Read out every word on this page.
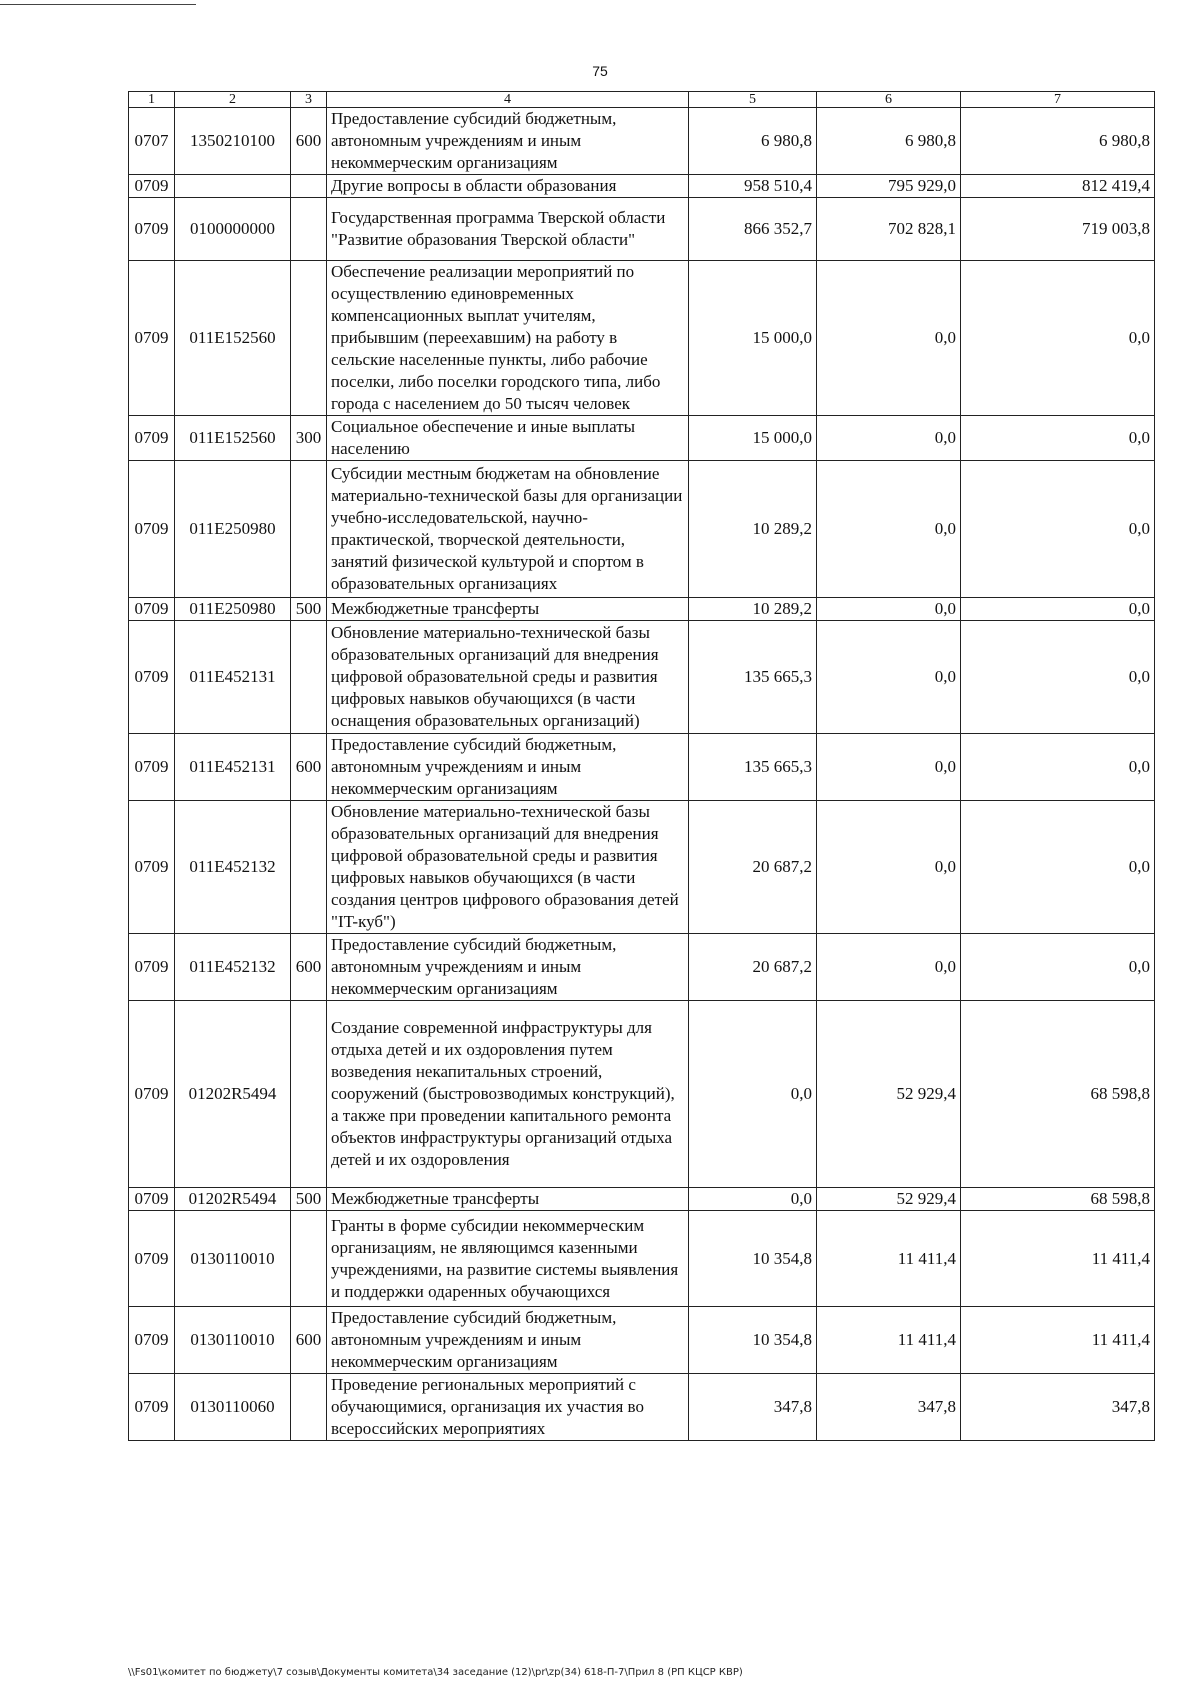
75
1	2	3	4	5	6	7
0707	1350210100	600	Предоставление субсидий бюджетным, автономным учреждениям и иным некоммерческим организациям	6 980,8	6 980,8	6 980,8
0709			Другие вопросы в области образования	958 510,4	795 929,0	812 419,4
0709	0100000000		Государственная программа Тверской области "Развитие образования Тверской области"	866 352,7	702 828,1	719 003,8
0709	011E152560		Обеспечение реализации мероприятий по осуществлению единовременных компенсационных выплат учителям, прибывшим (переехавшим) на работу в сельские населенные пункты, либо рабочие поселки, либо поселки городского типа, либо города с населением до 50 тысяч человек	15 000,0	0,0	0,0
0709	011E152560	300	Социальное обеспечение и иные выплаты населению	15 000,0	0,0	0,0
0709	011E250980		Субсидии местным бюджетам на обновление материально-технической базы для организации учебно-исследовательской, научно-практической, творческой деятельности, занятий физической культурой и спортом в образовательных организациях	10 289,2	0,0	0,0
0709	011E250980	500	Межбюджетные трансферты	10 289,2	0,0	0,0
0709	011E452131		Обновление материально-технической базы образовательных организаций для внедрения цифровой образовательной среды и развития цифровых навыков обучающихся (в части оснащения образовательных организаций)	135 665,3	0,0	0,0
0709	011E452131	600	Предоставление субсидий бюджетным, автономным учреждениям и иным некоммерческим организациям	135 665,3	0,0	0,0
0709	011E452132		Обновление материально-технической базы образовательных организаций для внедрения цифровой образовательной среды и развития цифровых навыков обучающихся (в части создания центров цифрового образования детей "IT-куб")	20 687,2	0,0	0,0
0709	011E452132	600	Предоставление субсидий бюджетным, автономным учреждениям и иным некоммерческим организациям	20 687,2	0,0	0,0
0709	01202R5494		Создание современной инфраструктуры для отдыха детей и их оздоровления путем возведения некапитальных строений, сооружений (быстровозводимых конструкций), а также при проведении капитального ремонта объектов инфраструктуры организаций отдыха детей и их оздоровления	0,0	52 929,4	68 598,8
0709	01202R5494	500	Межбюджетные трансферты	0,0	52 929,4	68 598,8
0709	0130110010		Гранты в форме субсидии некоммерческим организациям, не являющимся казенными учреждениями, на развитие системы выявления и поддержки одаренных обучающихся	10 354,8	11 411,4	11 411,4
0709	0130110010	600	Предоставление субсидий бюджетным, автономным учреждениям и иным некоммерческим организациям	10 354,8	11 411,4	11 411,4
0709	0130110060		Проведение региональных мероприятий с обучающимися, организация их участия во всероссийских мероприятиях	347,8	347,8	347,8
\\Fs01\комитет по бюджету\7 созыв\Документы комитета\34 заседание (12)\pr\zp(34) 618-П-7\Прил 8 (РП КЦСР КВР)
